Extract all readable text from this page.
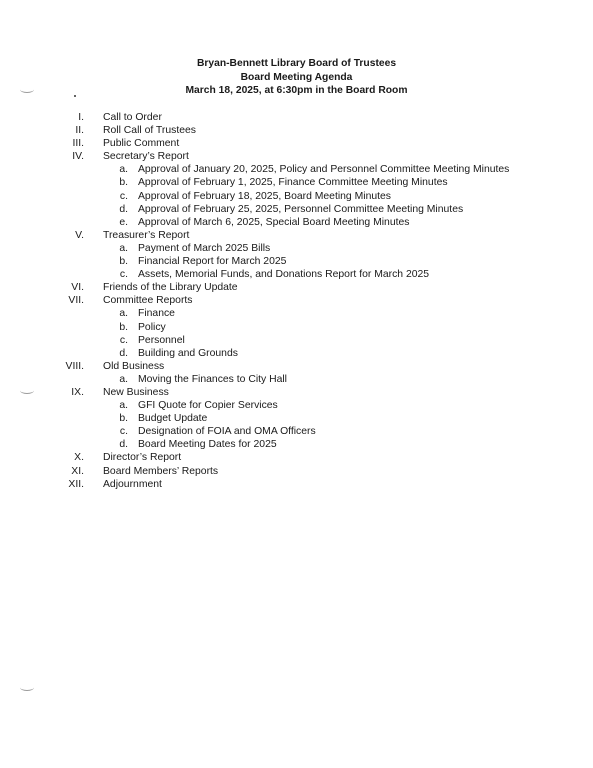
Bryan-Bennett Library Board of Trustees
Board Meeting Agenda
March 18, 2025, at 6:30pm in the Board Room
I. Call to Order
II. Roll Call of Trustees
III. Public Comment
IV. Secretary’s Report
a. Approval of January 20, 2025, Policy and Personnel Committee Meeting Minutes
b. Approval of February 1, 2025, Finance Committee Meeting Minutes
c. Approval of February 18, 2025, Board Meeting Minutes
d. Approval of February 25, 2025, Personnel Committee Meeting Minutes
e. Approval of March 6, 2025, Special Board Meeting Minutes
V. Treasurer’s Report
a. Payment of March 2025 Bills
b. Financial Report for March 2025
c. Assets, Memorial Funds, and Donations Report for March 2025
VI. Friends of the Library Update
VII. Committee Reports
a. Finance
b. Policy
c. Personnel
d. Building and Grounds
VIII. Old Business
a. Moving the Finances to City Hall
IX. New Business
a. GFI Quote for Copier Services
b. Budget Update
c. Designation of FOIA and OMA Officers
d. Board Meeting Dates for 2025
X. Director’s Report
XI. Board Members’ Reports
XII. Adjournment
